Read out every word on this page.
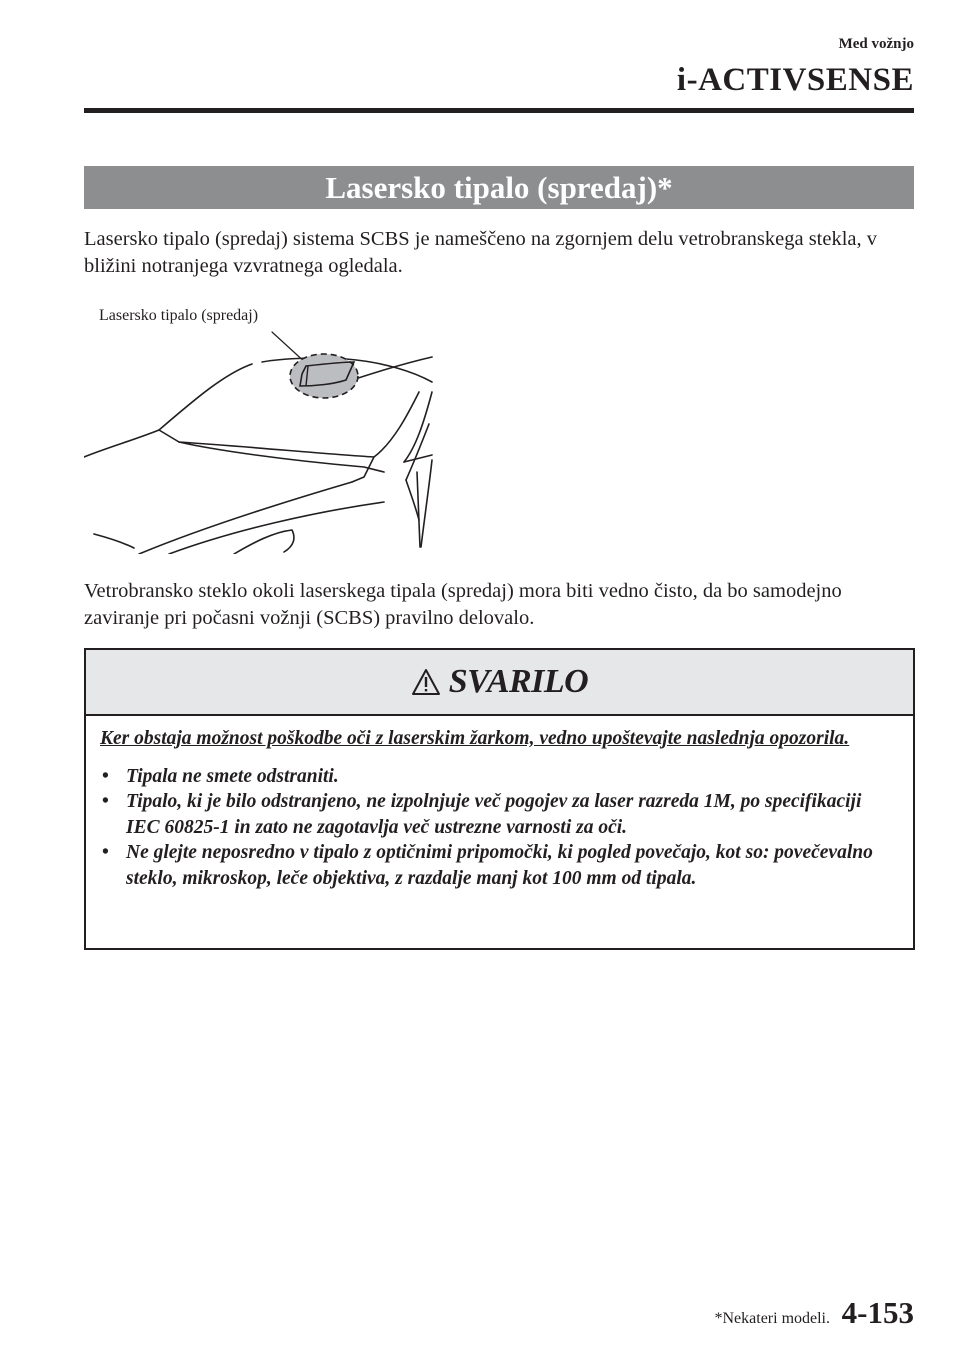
Med vožnjo
i-ACTIVSENSE
Lasersko tipalo (spredaj)*

Lasersko tipalo (spredaj) sistema SCBS je nameščeno na zgornjem delu vetrobranskega stekla, v bližini notranjega vzvratnega ogledala.

Lasersko tipalo (spredaj)

Vetrobransko steklo okoli laserskega tipala (spredaj) mora biti vedno čisto, da bo samodejno zaviranje pri počasni vožnji (SCBS) pravilno delovalo.

SVARILO

Ker obstaja možnost poškodbe oči z laserskim žarkom, vedno upoštevajte naslednja opozorila.

• Tipala ne smete odstraniti.
• Tipalo, ki je bilo odstranjeno, ne izpolnjuje več pogojev za laser razreda 1M, po specifikaciji IEC 60825-1 in zato ne zagotavlja več ustrezne varnosti za oči.
• Ne glejte neposredno v tipalo z optičnimi pripomočki, ki pogled povečajo, kot so: povečevalno steklo, mikroskop, leče objektiva, z razdalje manj kot 100 mm od tipala.
*Nekateri modeli. 4-153
